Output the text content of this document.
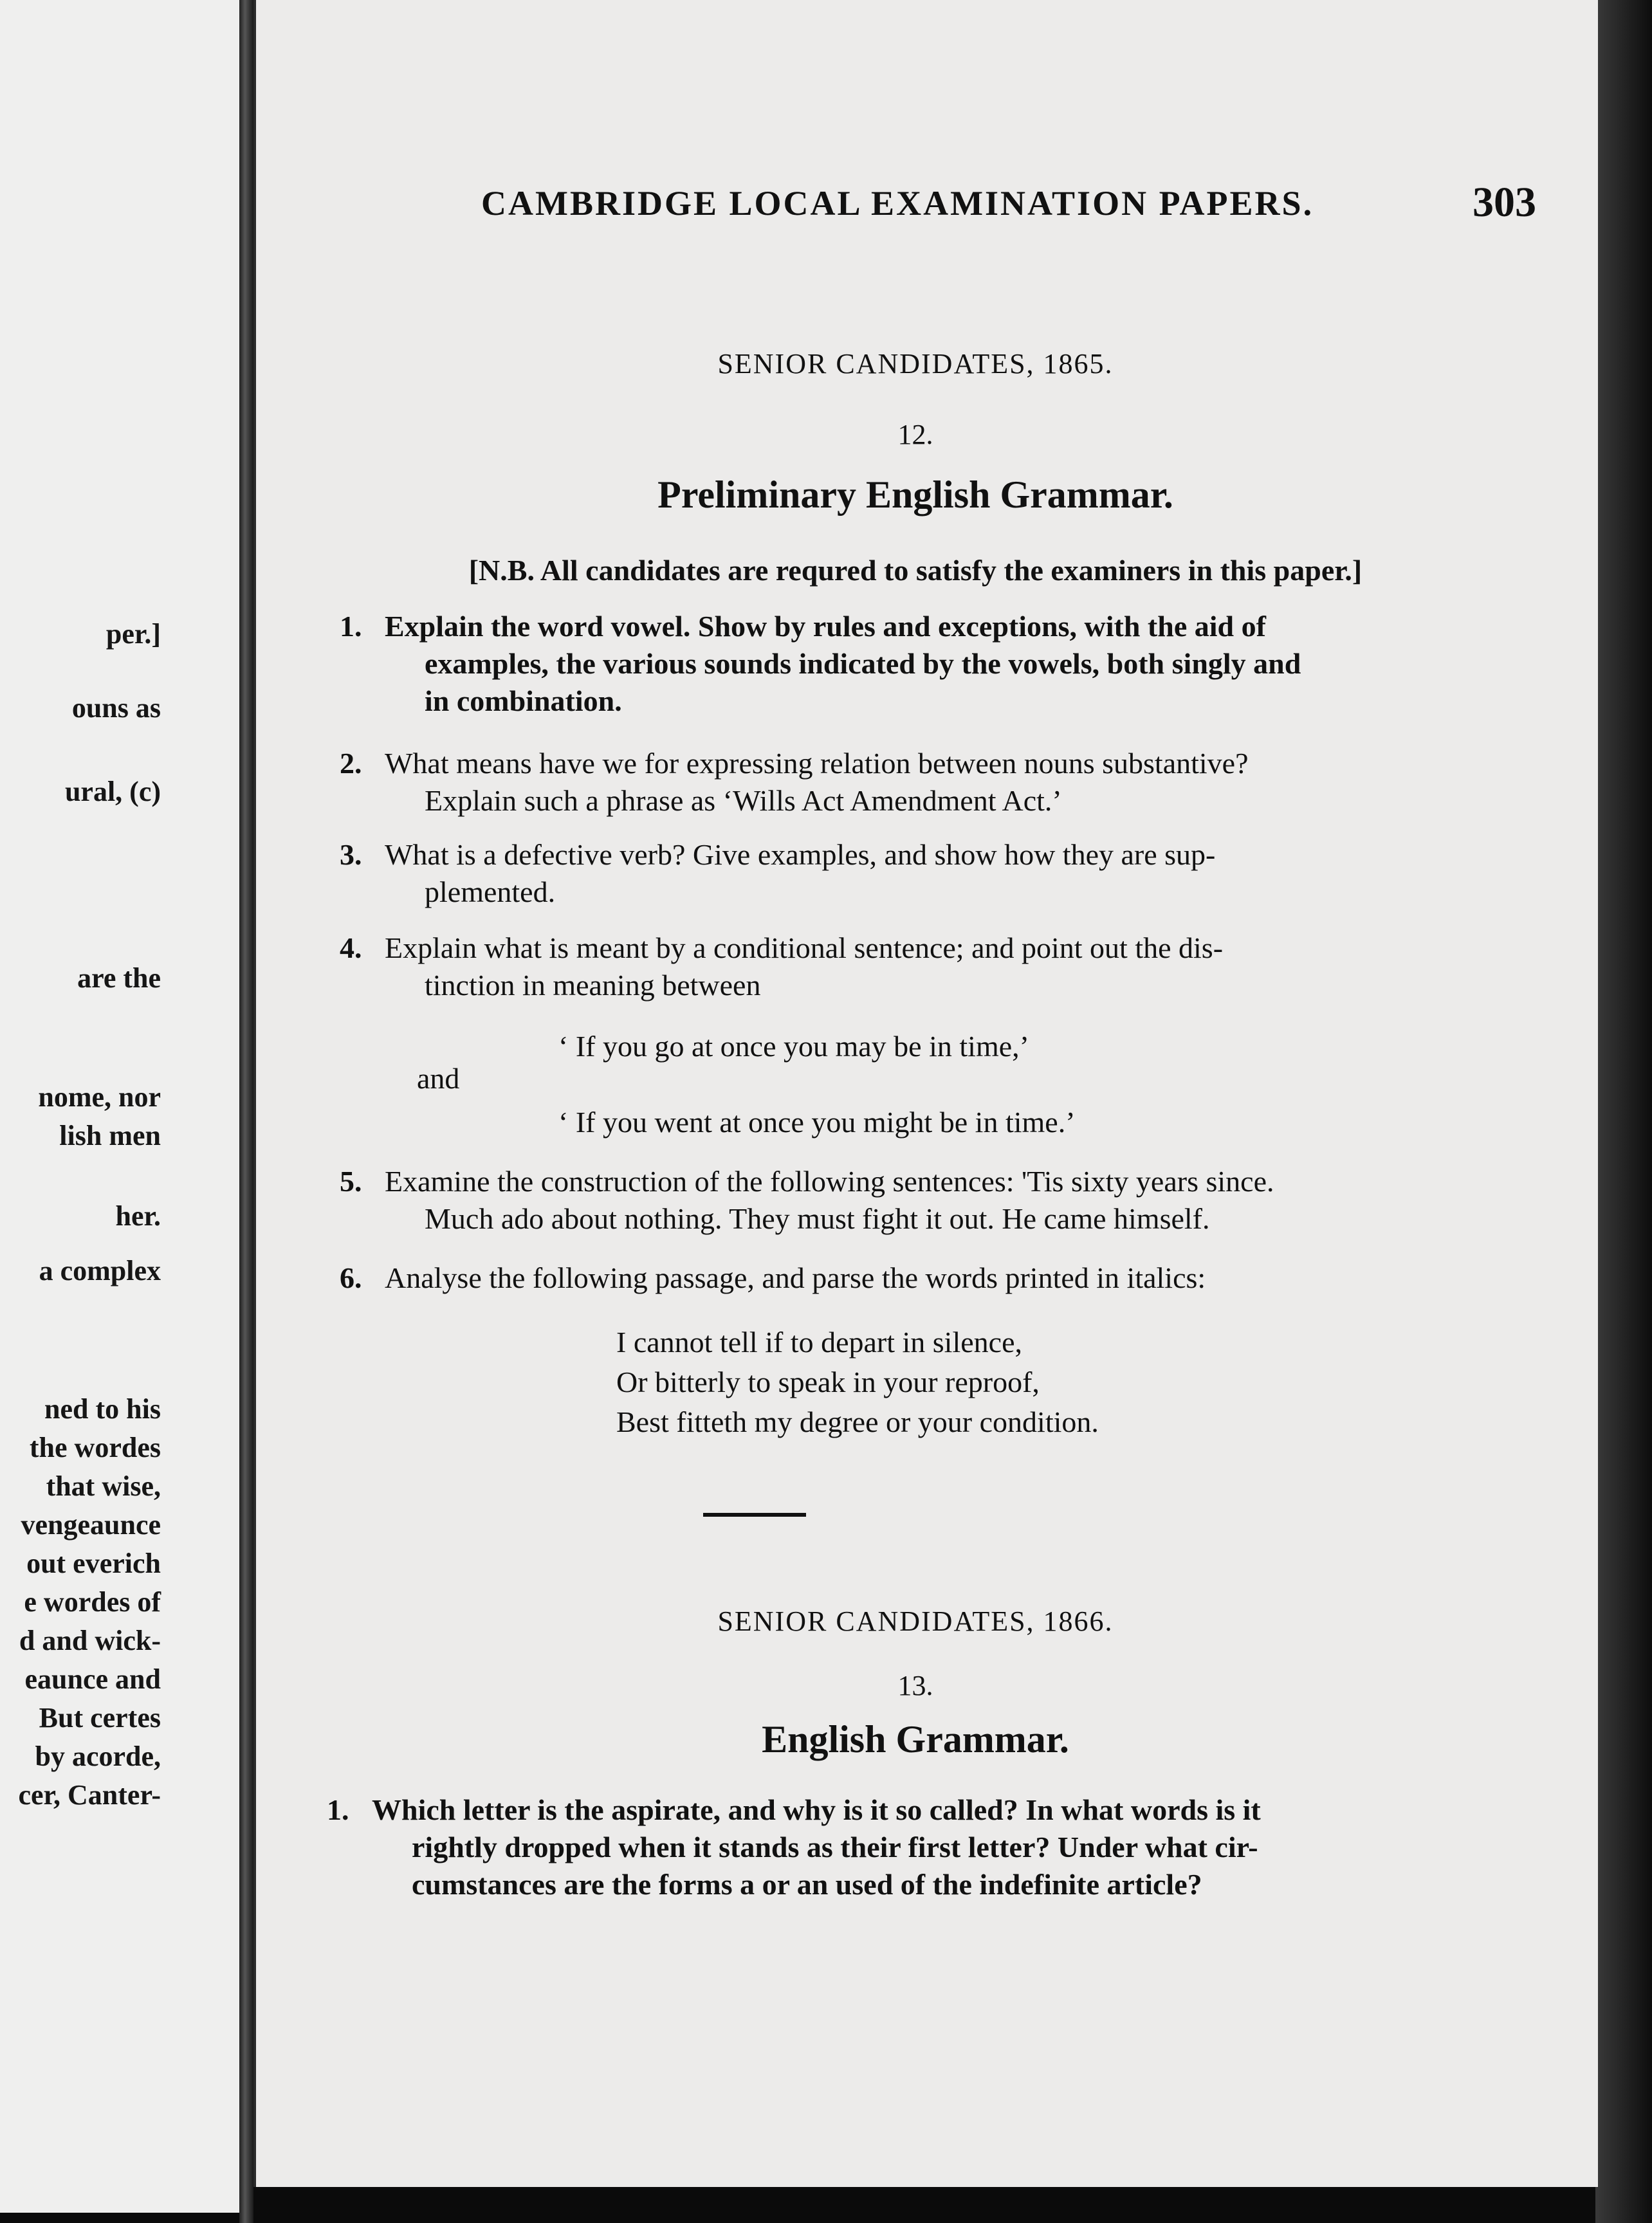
per.]
ouns as
ural, (c)
are the
nome, nor
lish men
her.
a complex
ned to his
the wordes
that wise,
vengeaunce
out everich
e wordes of
d and wick-
eaunce and
But certes
by acorde,
cer, Canter-
CAMBRIDGE LOCAL EXAMINATION PAPERS.	303
SENIOR CANDIDATES, 1865.
12.
Preliminary English Grammar.
[N.B. All candidates are requred to satisfy the examiners in this paper.]
1. Explain the word vowel. Show by rules and exceptions, with the aid of
examples, the various sounds indicated by the vowels, both singly and
in combination.
2. What means have we for expressing relation between nouns substantive?
Explain such a phrase as ‘Wills Act Amendment Act.’
3. What is a defective verb? Give examples, and show how they are sup-
plemented.
4. Explain what is meant by a conditional sentence; and point out the dis-
tinction in meaning between
‘ If you go at once you may be in time,’
and
‘ If you went at once you might be in time.’
5. Examine the construction of the following sentences: 'Tis sixty years since.
Much ado about nothing. They must fight it out. He came himself.
6. Analyse the following passage, and parse the words printed in italics:
I cannot tell if to depart in silence,
Or bitterly to speak in your reproof,
Best fitteth my degree or your condition.
SENIOR CANDIDATES, 1866.
13.
English Grammar.
1. Which letter is the aspirate, and why is it so called? In what words is it
rightly dropped when it stands as their first letter? Under what cir-
cumstances are the forms a or an used of the indefinite article?
